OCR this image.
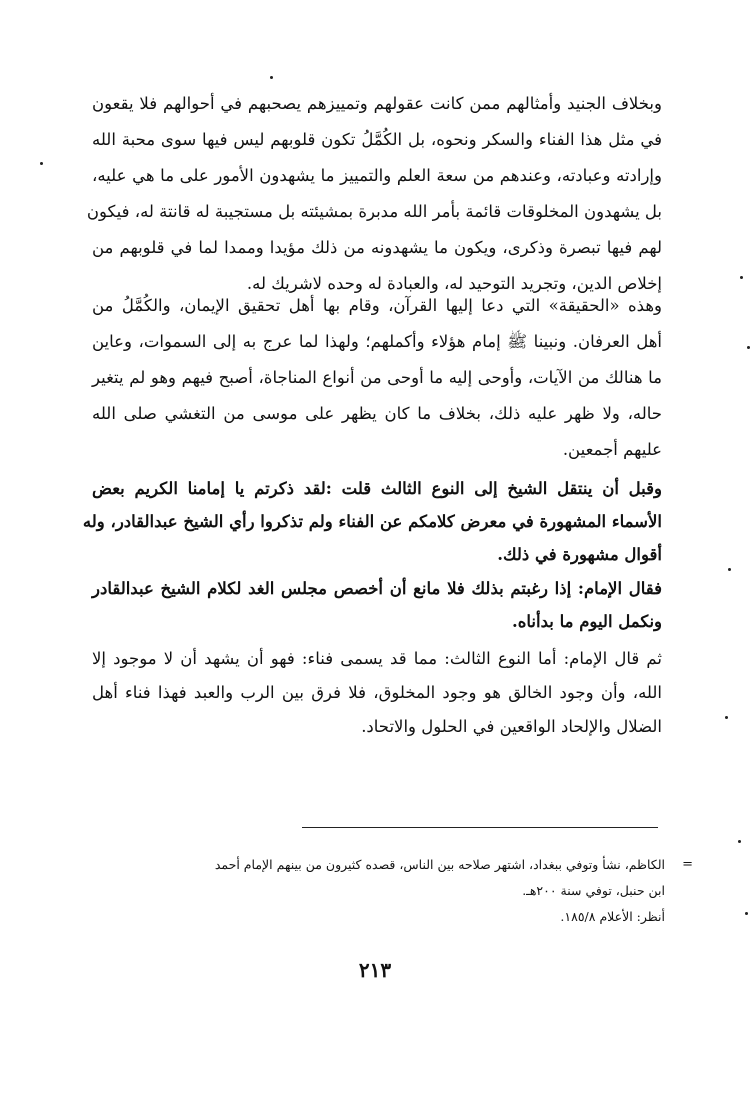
وبخلاف الجنيد وأمثالهم ممن كانت عقولهم وتمييزهم يصحبهم في أحوالهم فلا يقعون
في مثل هذا الفناء والسكر ونحوه، بل الكُمَّلُ تكون قلوبهم ليس فيها سوى محبة الله
وإرادته وعبادته، وعندهم من سعة العلم والتمييز ما يشهدون الأمور على ما هي عليه،
بل يشهدون المخلوقات قائمة بأمر الله مدبرة بمشيئته بل مستجيبة له قانتة له، فيكون
لهم فيها تبصرة وذكرى، ويكون ما يشهدونه من ذلك مؤيدا وممدا لما في قلوبهم من
إخلاص الدين، وتجريد التوحيد له، والعبادة له وحده لاشريك له.
وهذه «الحقيقة» التي دعا إليها القرآن، وقام بها أهل تحقيق الإيمان، والكُمَّلُ من
أهل العرفان. ونبينا ﷺ إمام هؤلاء وأكملهم؛ ولهذا لما عرج به إلى السموات، وعاين
ما هنالك من الآيات، وأوحى إليه ما أوحى من أنواع المناجاة، أصبح فيهم وهو لم يتغير
حاله، ولا ظهر عليه ذلك، بخلاف ما كان يظهر على موسى من التغشي صلى الله
عليهم أجمعين.
وقبل أن ينتقل الشيخ إلى النوع الثالث قلت :لقد ذكرتم يا إمامنا الكريم بعض
الأسماء المشهورة في معرض كلامكم عن الفناء ولم تذكروا رأي الشيخ عبدالقادر، وله
أقوال مشهورة في ذلك.
فقال الإمام: إذا رغبتم بذلك فلا مانع أن أخصص مجلس الغد لكلام الشيخ عبدالقادر
ونكمل اليوم ما بدأناه.
ثم قال الإمام: أما النوع الثالث: مما قد يسمى فناء: فهو أن يشهد أن لا موجود إلا
الله، وأن وجود الخالق هو وجود المخلوق، فلا فرق بين الرب والعبد فهذا فناء أهل
الضلال والإلحاد الواقعين في الحلول والاتحاد.
=
الكاظم، نشأ وتوفي ببغداد، اشتهر صلاحه بين الناس، قصده كثيرون من بينهم الإمام أحمد
ابن حنبل، توفي سنة ٢٠٠هـ.
أنظر: الأعلام ١٨٥/٨.
٢١٣
